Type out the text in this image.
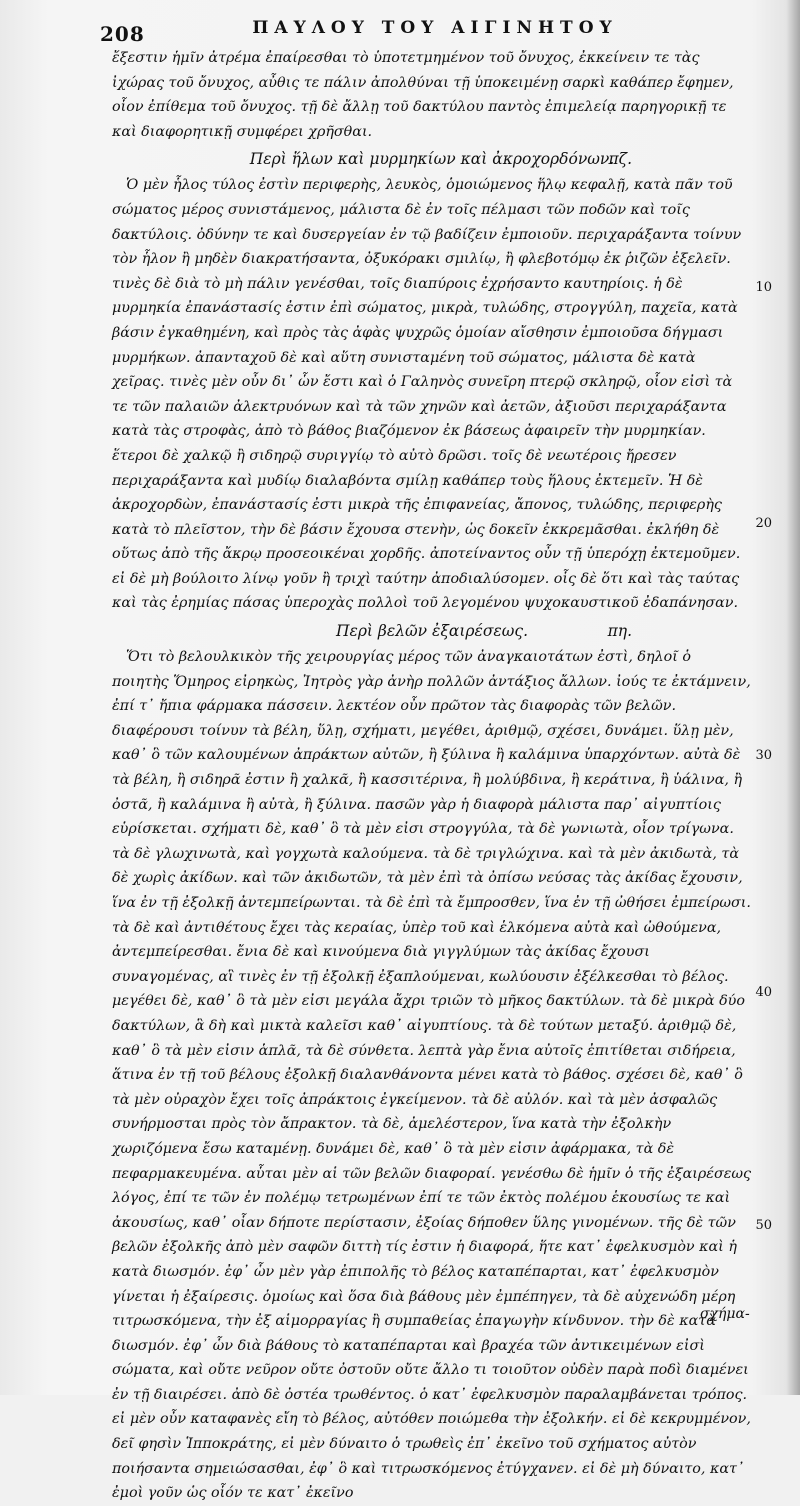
208	ΠΑΥΛΟΥ ΤΟΥ ΑΙΓΙΝΗΤΟΥ

ἔξεστιν ἡμῖν ἀτρέμα ἐπαίρεσθαι τὸ ὑποτετμημένον τοῦ ὄνυχος, ἐκκείνειν τε τὰς ἰχώρας τοῦ ὄνυχος, αὖθις τε πάλιν ἀπολθύναι τῇ ὑποκειμένῃ σαρκὶ καθάπερ ἔφημεν, οἷον ἐπίθεμα τοῦ ὄνυχος. τῇ δὲ ἄλλῃ τοῦ δακτύλου παντὸς ἐπιμελείᾳ παρηγορικῇ τε καὶ διαφορητικῇ συμφέρει χρῆσθαι.

Περὶ ἥλων καὶ μυρμηκίων καὶ ἀκροχορδόνων.
πζ.

Ὁ μὲν ἧλος τύλος ἐστὶν περιφερὴς, λευκὸς, ὁμοιώμενος ἥλῳ κεφαλῇ, κατὰ πᾶν τοῦ σώματος μέρος συνιστάμενος, μάλιστα δὲ ἐν τοῖς πέλμασι τῶν ποδῶν καὶ τοῖς δακτύλοις. ὀδύνην τε καὶ δυσεργείαν ἐν τῷ βαδίζειν ἐμποιοῦν. περιχαράξαντα τοίνυν τὸν ἧλον ἢ μηδὲν διακρατήσαντα, ὀξυκόρακι σμιλίῳ, ἢ φλεβοτόμῳ ἐκ ῥιζῶν ἐξελεῖν. τινὲς δὲ διὰ τὸ μὴ πάλιν γενέσθαι, τοῖς διαπύροις ἐχρήσαντο καυτηρίοις. ἡ δὲ μυρμηκία ἐπανάστασίς ἐστιν ἐπὶ σώματος, μικρὰ, τυλώδης, στρογγύλη, παχεῖα, κατὰ βάσιν ἐγκαθημένη, καὶ πρὸς τὰς ἀφὰς ψυχρῶς ὁμοίαν αἴσθησιν ἐμποιοῦσα δήγμασι μυρμήκων. ἀπανταχοῦ δὲ καὶ αὕτη συνισταμένη τοῦ σώματος, μάλιστα δὲ κατὰ χεῖρας. τινὲς μὲν οὖν δι᾽ ὧν ἔστι καὶ ὁ Γαληνὸς συνεῖρη πτερῷ σκληρῷ, οἷον εἰσὶ τὰ τε τῶν παλαιῶν ἀλεκτρυόνων καὶ τὰ τῶν χηνῶν καὶ ἀετῶν, ἀξιοῦσι περιχαράξαντα κατὰ τὰς στροφὰς, ἀπὸ τὸ βάθος βιαζόμενον ἐκ βάσεως ἀφαιρεῖν τὴν μυρμηκίαν. ἕτεροι δὲ χαλκῷ ἢ σιδηρῷ συριγγίῳ τὸ αὐτὸ δρῶσι. τοῖς δὲ νεωτέροις ἤρεσεν περιχαράξαντα καὶ μυδίῳ διαλαβόντα σμίλῃ καθάπερ τοὺς ἥλους ἐκτεμεῖν. Ἡ δὲ ἀκροχορδὼν, ἐπανάστασίς ἐστι μικρὰ τῆς ἐπιφανείας, ἄπονος, τυλώδης, περιφερὴς κατὰ τὸ πλεῖστον, τὴν δὲ βάσιν ἔχουσα στενὴν, ὡς δοκεῖν ἐκκρεμᾶσθαι. ἐκλήθη δὲ οὕτως ἀπὸ τῆς ἄκρῳ προσεοικέναι χορδῆς. ἀποτείναντος οὖν τῇ ὑπερόχῃ ἐκτεμοῦμεν. εἰ δὲ μὴ βούλοιτο λίνῳ γοῦν ἢ τριχὶ ταύτην ἀποδιαλύσομεν. οἷς δὲ ὅτι καὶ τὰς ταύτας καὶ τὰς ἐρημίας πάσας ὑπεροχὰς πολλοὶ τοῦ λεγομένου ψυχοκαυστικοῦ ἐδαπάνησαν.

Περὶ βελῶν ἐξαιρέσεως.	πη.

Ὅτι τὸ βελουλκικὸν τῆς χειρουργίας μέρος τῶν ἀναγκαιοτάτων ἐστὶ, δηλοῖ ὁ ποιητὴς Ὅμηρος εἰρηκὼς, Ἰητρὸς γὰρ ἀνὴρ πολλῶν ἀντάξιος ἄλλων. ἰούς τε ἐκτάμνειν, ἐπί τ᾽ ἤπια φάρμακα πάσσειν. λεκτέον οὖν πρῶτον τὰς διαφορὰς τῶν βελῶν. διαφέρουσι τοίνυν τὰ βέλη, ὕλῃ, σχήματι, μεγέθει, ἀριθμῷ, σχέσει, δυνάμει. ὕλῃ μὲν, καθ᾽ ὃ τῶν καλουμένων ἀπράκτων αὐτῶν, ἢ ξύλινα ἢ καλάμινα ὑπαρχόντων. αὐτὰ δὲ τὰ βέλη, ἢ σιδηρᾶ ἐστιν ἢ χαλκᾶ, ἢ κασσιτέρινα, ἢ μολύβδινα, ἢ κεράτινα, ἢ ὑάλινα, ἢ ὀστᾶ, ἢ καλάμινα ἢ αὐτὰ, ἢ ξύλινα. πασῶν γὰρ ἡ διαφορὰ μάλιστα παρ᾽ αἰγυπτίοις εὑρίσκεται. σχήματι δὲ, καθ᾽ ὃ τὰ μὲν εἰσι στρογγύλα, τὰ δὲ γωνιωτὰ, οἷον τρίγωνα. τὰ δὲ γλωχινωτὰ, καὶ γογχωτὰ καλούμενα. τὰ δὲ τριγλώχινα. καὶ τὰ μὲν ἀκιδωτὰ, τὰ δὲ χωρὶς ἀκίδων. καὶ τῶν ἀκιδωτῶν, τὰ μὲν ἐπὶ τὰ ὀπίσω νεύσας τὰς ἀκίδας ἔχουσιν, ἵνα ἐν τῇ ἐξολκῇ ἀντεμπείρωνται. τὰ δὲ ἐπὶ τὰ ἔμπροσθεν, ἵνα ἐν τῇ ὠθήσει ἐμπείρωσι. τὰ δὲ καὶ ἀντιθέτους ἔχει τὰς κεραίας, ὑπὲρ τοῦ καὶ ἑλκόμενα αὐτὰ καὶ ὠθούμενα, ἀντεμπείρεσθαι. ἔνια δὲ καὶ κινούμενα διὰ γιγγλύμων τὰς ἀκίδας ἔχουσι συναγομένας, αἳ τινὲς ἐν τῇ ἐξολκῇ ἐξαπλούμεναι, κωλύουσιν ἐξέλκεσθαι τὸ βέλος. μεγέθει δὲ, καθ᾽ ὃ τὰ μὲν εἰσι μεγάλα ἄχρι τριῶν τὸ μῆκος δακτύλων. τὰ δὲ μικρὰ δύο δακτύλων, ἃ δὴ καὶ μικτὰ καλεῖσι καθ᾽ αἰγυπτίους. τὰ δὲ τούτων μεταξύ. ἀριθμῷ δὲ, καθ᾽ ὃ τὰ μὲν εἰσιν ἁπλᾶ, τὰ δὲ σύνθετα. λεπτὰ γὰρ ἔνια αὐτοῖς ἐπιτίθεται σιδήρεια, ἅτινα ἐν τῇ τοῦ βέλους ἐξολκῇ διαλανθάνοντα μένει κατὰ τὸ βάθος. σχέσει δὲ, καθ᾽ ὃ τὰ μὲν οὐραχὸν ἔχει τοῖς ἀπράκτοις ἐγκείμενον. τὰ δὲ αὐλόν. καὶ τὰ μὲν ἀσφαλῶς συνήρμοσται πρὸς τὸν ἄπρακτον. τὰ δὲ, ἀμελέστερον, ἵνα κατὰ τὴν ἐξολκὴν χωριζόμενα ἔσω καταμένῃ. δυνάμει δὲ, καθ᾽ ὃ τὰ μὲν εἰσιν ἀφάρμακα, τὰ δὲ πεφαρμακευμένα. αὗται μὲν αἱ τῶν βελῶν διαφοραί. γενέσθω δὲ ἡμῖν ὁ τῆς ἐξαιρέσεως λόγος, ἐπί τε τῶν ἐν πολέμῳ τετρωμένων ἐπί τε τῶν ἐκτὸς πολέμου ἑκουσίως τε καὶ ἀκουσίως, καθ᾽ οἷαν δήποτε περίστασιν, ἐξοίας δήποθεν ὕλης γινομένων. τῆς δὲ τῶν βελῶν ἐξολκῆς ἀπὸ μὲν σαφῶν διττὴ τίς ἐστιν ἡ διαφορά, ἥτε κατ᾽ ἐφελκυσμὸν καὶ ἡ κατὰ διωσμόν. ἐφ᾽ ὧν μὲν γὰρ ἐπιπολῆς τὸ βέλος καταπέπαρται, κατ᾽ ἐφελκυσμὸν γίνεται ἡ ἐξαίρεσις. ὁμοίως καὶ ὅσα διὰ βάθους μὲν ἐμπέπηγεν, τὰ δὲ αὐχενώδη μέρη τιτρωσκόμενα, τὴν ἐξ αἱμορραγίας ἢ συμπαθείας ἐπαγωγὴν κίνδυνον. τὴν δὲ κατὰ διωσμόν. ἐφ᾽ ὧν διὰ βάθους τὸ καταπέπαρται καὶ βραχέα τῶν ἀντικειμένων εἰσὶ σώματα, καὶ οὔτε νεῦρον οὔτε ὀστοῦν οὔτε ἄλλο τι τοιοῦτον οὐδὲν παρὰ ποδὶ διαμένει ἐν τῇ διαιρέσει. ἀπὸ δὲ ὀστέα τρωθέντος. ὁ κατ᾽ ἐφελκυσμὸν παραλαμβάνεται τρόπος. εἰ μὲν οὖν καταφανὲς εἴη τὸ βέλος, αὐτόθεν ποιώμεθα τὴν ἐξολκήν. εἰ δὲ κεκρυμμένον, δεῖ φησὶν Ἱπποκράτης, εἰ μὲν δύναιτο ὁ τρωθεὶς ἐπ᾽ ἐκεῖνο τοῦ σχήματος αὐτὸν ποιήσαντα σημειώσασθαι, ἐφ᾽ ὃ καὶ τιτρωσκόμενος ἐτύγχανεν. εἰ δὲ μὴ δύναιτο, κατ᾽ ἐμοὶ γοῦν ὡς οἷόν τε κατ᾽ ἐκεῖνο

10
20
30
40
50
σχήμα-
